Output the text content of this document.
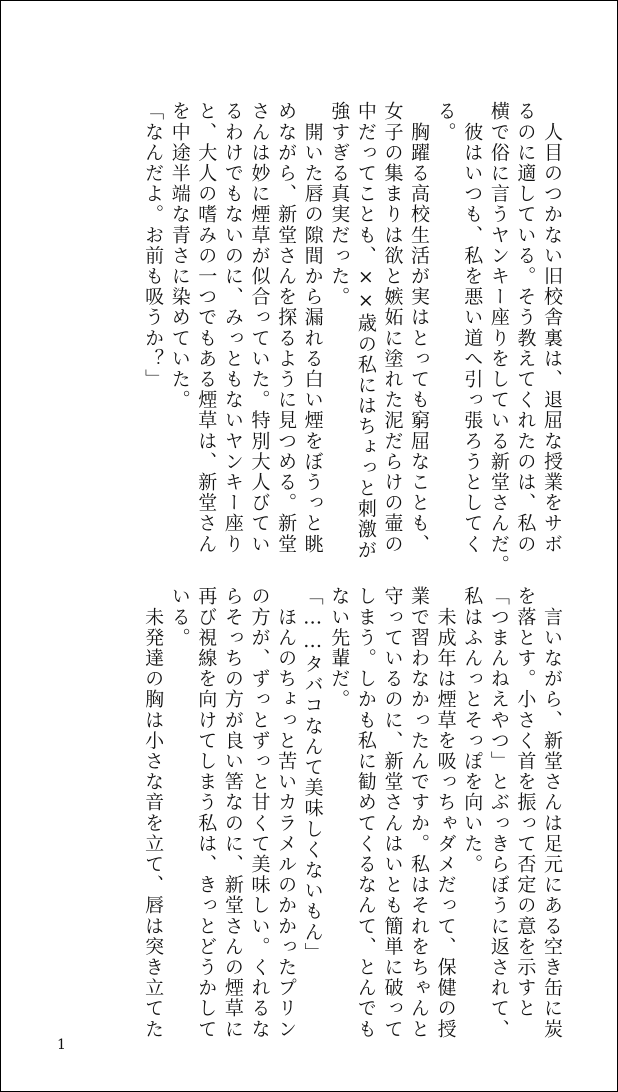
　人目のつかない旧校舎裏は、退屈な授業をサボ
るのに適している。そう教えてくれたのは、私の
横で俗に言うヤンキー座りをしている新堂さんだ。
　彼はいつも、私を悪い道へ引っ張ろうとしてく
る。
　胸躍る高校生活が実はとっても窮屈なことも、
女子の集まりは欲と嫉妬に塗れた泥だらけの壷の
中だってことも、××歳の私にはちょっと刺激が
強すぎる真実だった。
　開いた唇の隙間から漏れる白い煙をぼうっと眺
めながら、新堂さんを探るように見つめる。新堂
さんは妙に煙草が似合っていた。特別大人びてい
るわけでもないのに、みっともないヤンキー座り
と、大人の嗜みの一つでもある煙草は、新堂さん
を中途半端な青さに染めていた。
「なんだよ。お前も吸うか？」
　言いながら、新堂さんは足元にある空き缶に炭
を落とす。小さく首を振って否定の意を示すと
「つまんねえやつ」とぶっきらぼうに返されて、
私はふんっとそっぽを向いた。
　未成年は煙草を吸っちゃダメだって、保健の授
業で習わなかったんですか。私はそれをちゃんと
守っているのに、新堂さんはいとも簡単に破って
しまう。しかも私に勧めてくるなんて、とんでも
ない先輩だ。
「……タバコなんて美味しくないもん」
　ほんのちょっと苦いカラメルのかかったプリン
の方が、ずっとずっと甘くて美味しい。くれるな
らそっちの方が良い筈なのに、新堂さんの煙草に
再び視線を向けてしまう私は、きっとどうかして
いる。
　未発達の胸は小さな音を立て、唇は突き立てた
1
